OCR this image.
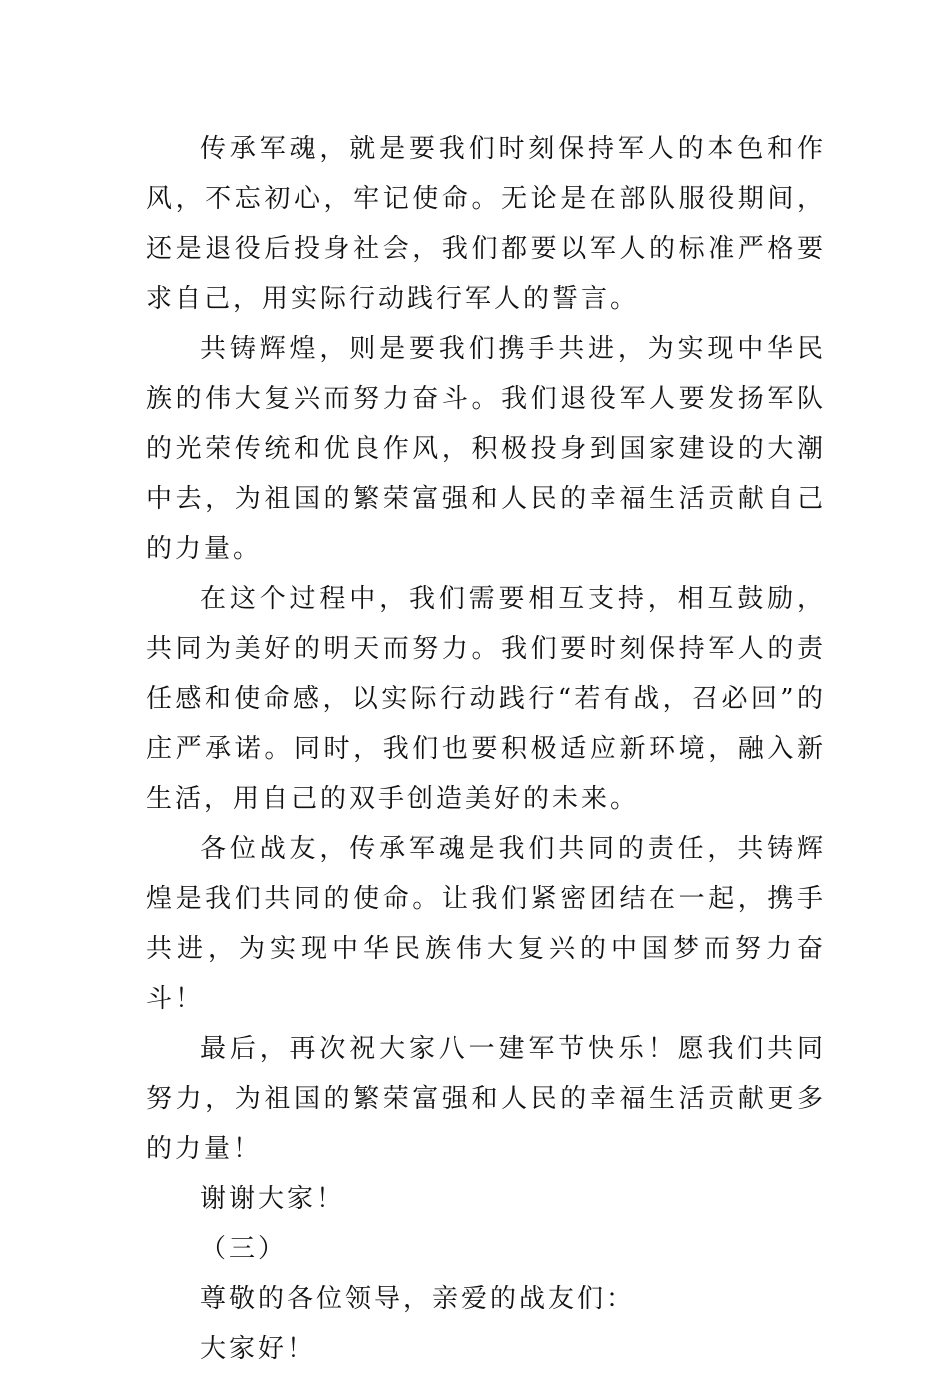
传承军魂，就是要我们时刻保持军人的本色和作风，不忘初心，牢记使命。无论是在部队服役期间，还是退役后投身社会，我们都要以军人的标准严格要求自己，用实际行动践行军人的誓言。

共铸辉煌，则是要我们携手共进，为实现中华民族的伟大复兴而努力奋斗。我们退役军人要发扬军队的光荣传统和优良作风，积极投身到国家建设的大潮中去，为祖国的繁荣富强和人民的幸福生活贡献自己的力量。

在这个过程中，我们需要相互支持，相互鼓励，共同为美好的明天而努力。我们要时刻保持军人的责任感和使命感，以实际行动践行“若有战，召必回”的庄严承诺。同时，我们也要积极适应新环境，融入新生活，用自己的双手创造美好的未来。

各位战友，传承军魂是我们共同的责任，共铸辉煌是我们共同的使命。让我们紧密团结在一起，携手共进，为实现中华民族伟大复兴的中国梦而努力奋斗！

最后，再次祝大家八一建军节快乐！愿我们共同努力，为祖国的繁荣富强和人民的幸福生活贡献更多的力量！

谢谢大家！

（三）

尊敬的各位领导，亲爱的战友们：

大家好！
